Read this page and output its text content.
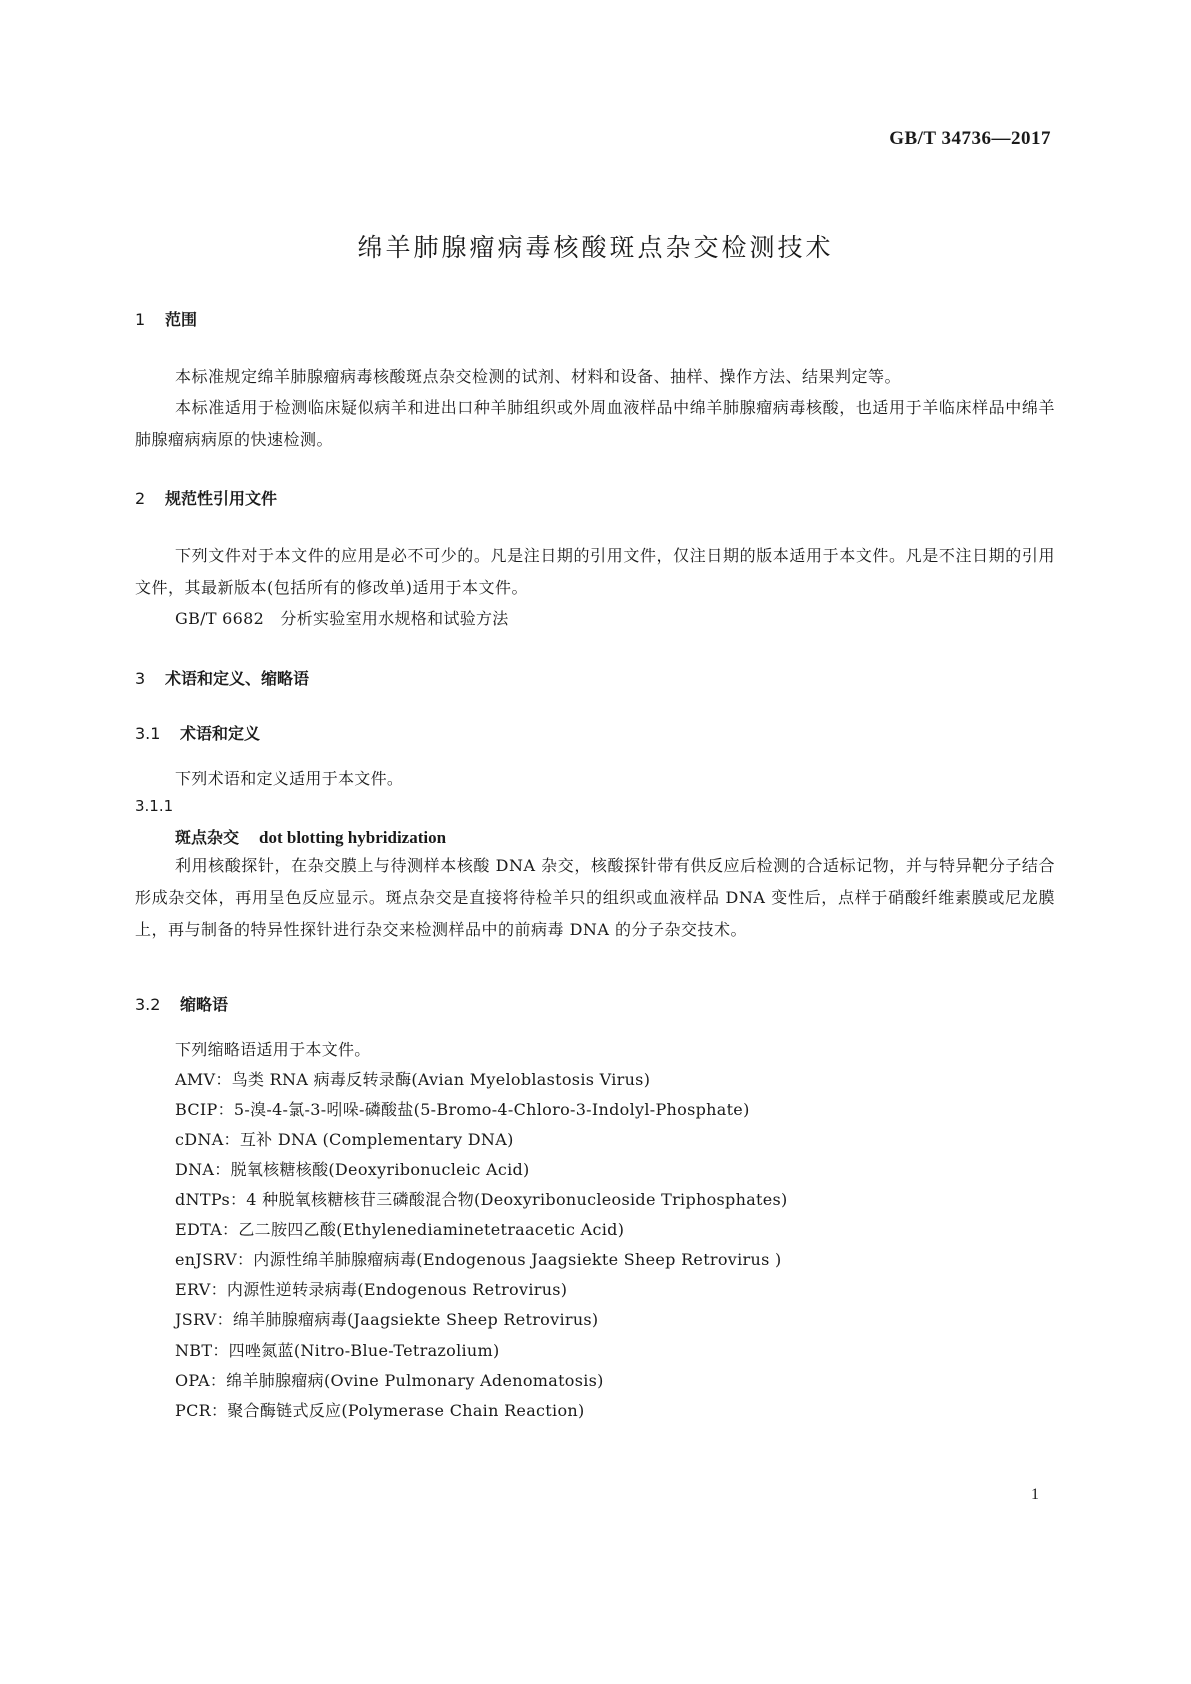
GB/T 34736—2017
绵羊肺腺瘤病毒核酸斑点杂交检测技术
1 范围
本标准规定绵羊肺腺瘤病毒核酸斑点杂交检测的试剂、材料和设备、抽样、操作方法、结果判定等。
本标准适用于检测临床疑似病羊和进出口种羊肺组织或外周血液样品中绵羊肺腺瘤病毒核酸，也适用于羊临床样品中绵羊肺腺瘤病病原的快速检测。
2 规范性引用文件
下列文件对于本文件的应用是必不可少的。凡是注日期的引用文件，仅注日期的版本适用于本文件。凡是不注日期的引用文件，其最新版本(包括所有的修改单)适用于本文件。
GB/T 6682　分析实验室用水规格和试验方法
3 术语和定义、缩略语
3.1 术语和定义
下列术语和定义适用于本文件。
3.1.1
斑点杂交 dot blotting hybridization
利用核酸探针，在杂交膜上与待测样本核酸 DNA 杂交，核酸探针带有供反应后检测的合适标记物，并与特异靶分子结合形成杂交体，再用呈色反应显示。斑点杂交是直接将待检羊只的组织或血液样品 DNA 变性后，点样于硝酸纤维素膜或尼龙膜上，再与制备的特异性探针进行杂交来检测样品中的前病毒 DNA 的分子杂交技术。
3.2 缩略语
下列缩略语适用于本文件。
AMV：鸟类 RNA 病毒反转录酶(Avian Myeloblastosis Virus)
BCIP：5-溴-4-氯-3-吲哚-磷酸盐(5-Bromo-4-Chloro-3-Indolyl-Phosphate)
cDNA：互补 DNA (Complementary DNA)
DNA：脱氧核糖核酸(Deoxyribonucleic Acid)
dNTPs：4 种脱氧核糖核苷三磷酸混合物(Deoxyribonucleoside Triphosphates)
EDTA：乙二胺四乙酸(Ethylenediaminetetraacetic Acid)
enJSRV：内源性绵羊肺腺瘤病毒(Endogenous Jaagsiekte Sheep Retrovirus )
ERV：内源性逆转录病毒(Endogenous Retrovirus)
JSRV：绵羊肺腺瘤病毒(Jaagsiekte Sheep Retrovirus)
NBT：四唑氮蓝(Nitro-Blue-Tetrazolium)
OPA：绵羊肺腺瘤病(Ovine Pulmonary Adenomatosis)
PCR：聚合酶链式反应(Polymerase Chain Reaction)
1
